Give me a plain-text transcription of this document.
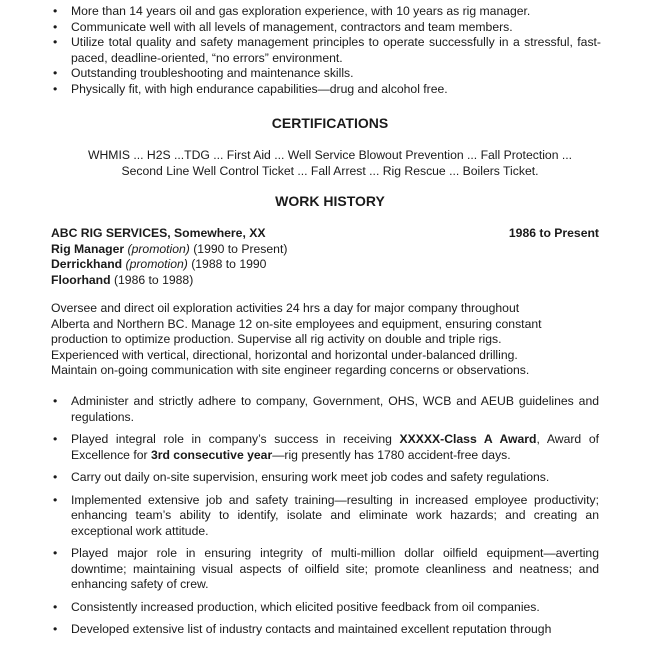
• More than 14 years oil and gas exploration experience, with 10 years as rig manager.
• Communicate well with all levels of management, contractors and team members.
• Utilize total quality and safety management principles to operate successfully in a stressful, fast-paced, deadline-oriented, “no errors” environment.
• Outstanding troubleshooting and maintenance skills.
• Physically fit, with high endurance capabilities—drug and alcohol free.
CERTIFICATIONS
WHMIS ... H2S ...TDG ... First Aid ... Well Service Blowout Prevention ... Fall Protection ...
Second Line Well Control Ticket ... Fall Arrest ... Rig Rescue ... Boilers Ticket.
WORK HISTORY
ABC RIG SERVICES, Somewhere, XX	1986 to Present
Rig Manager (promotion) (1990 to Present)
Derrickhand (promotion) (1988 to 1990
Floorhand (1986 to 1988)
Oversee and direct oil exploration activities 24 hrs a day for major company throughout
Alberta and Northern BC. Manage 12 on-site employees and equipment, ensuring constant
production to optimize production. Supervise all rig activity on double and triple rigs.
Experienced with vertical, directional, horizontal and horizontal under-balanced drilling.
Maintain on-going communication with site engineer regarding concerns or observations.
• Administer and strictly adhere to company, Government, OHS, WCB and AEUB guidelines and regulations.
• Played integral role in company’s success in receiving XXXXX-Class A Award, Award of Excellence for 3rd consecutive year—rig presently has 1780 accident-free days.
• Carry out daily on-site supervision, ensuring work meet job codes and safety regulations.
• Implemented extensive job and safety training—resulting in increased employee productivity; enhancing team’s ability to identify, isolate and eliminate work hazards; and creating an exceptional work attitude.
• Played major role in ensuring integrity of multi-million dollar oilfield equipment—averting downtime; maintaining visual aspects of oilfield site; promote cleanliness and neatness; and enhancing safety of crew.
• Consistently increased production, which elicited positive feedback from oil companies.
• Developed extensive list of industry contacts and maintained excellent reputation through
